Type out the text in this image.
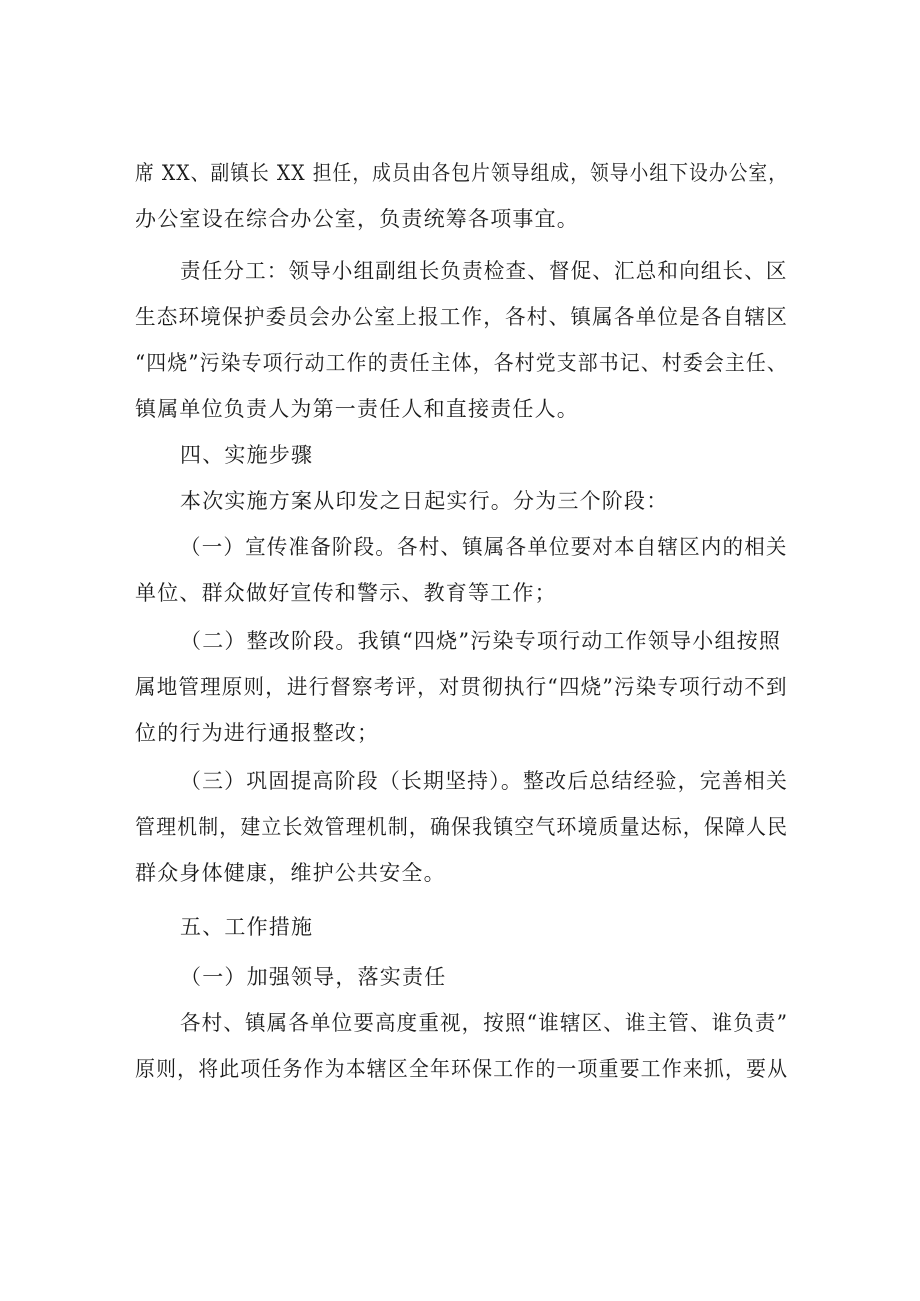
席 XX、副镇长 XX 担任，成员由各包片领导组成，领导小组下设办公室，
办公室设在综合办公室，负责统筹各项事宜。
责任分工：领导小组副组长负责检查、督促、汇总和向组长、区
生态环境保护委员会办公室上报工作，各村、镇属各单位是各自辖区
“四烧”污染专项行动工作的责任主体，各村党支部书记、村委会主任、
镇属单位负责人为第一责任人和直接责任人。
四、实施步骤
本次实施方案从印发之日起实行。分为三个阶段：
（一）宣传准备阶段。各村、镇属各单位要对本自辖区内的相关
单位、群众做好宣传和警示、教育等工作；
（二）整改阶段。我镇“四烧”污染专项行动工作领导小组按照
属地管理原则，进行督察考评，对贯彻执行“四烧”污染专项行动不到
位的行为进行通报整改；
（三）巩固提高阶段（长期坚持）。整改后总结经验，完善相关
管理机制，建立长效管理机制，确保我镇空气环境质量达标，保障人民
群众身体健康，维护公共安全。
五、工作措施
（一）加强领导，落实责任
各村、镇属各单位要高度重视，按照“谁辖区、谁主管、谁负责”
原则，将此项任务作为本辖区全年环保工作的一项重要工作来抓，要从
